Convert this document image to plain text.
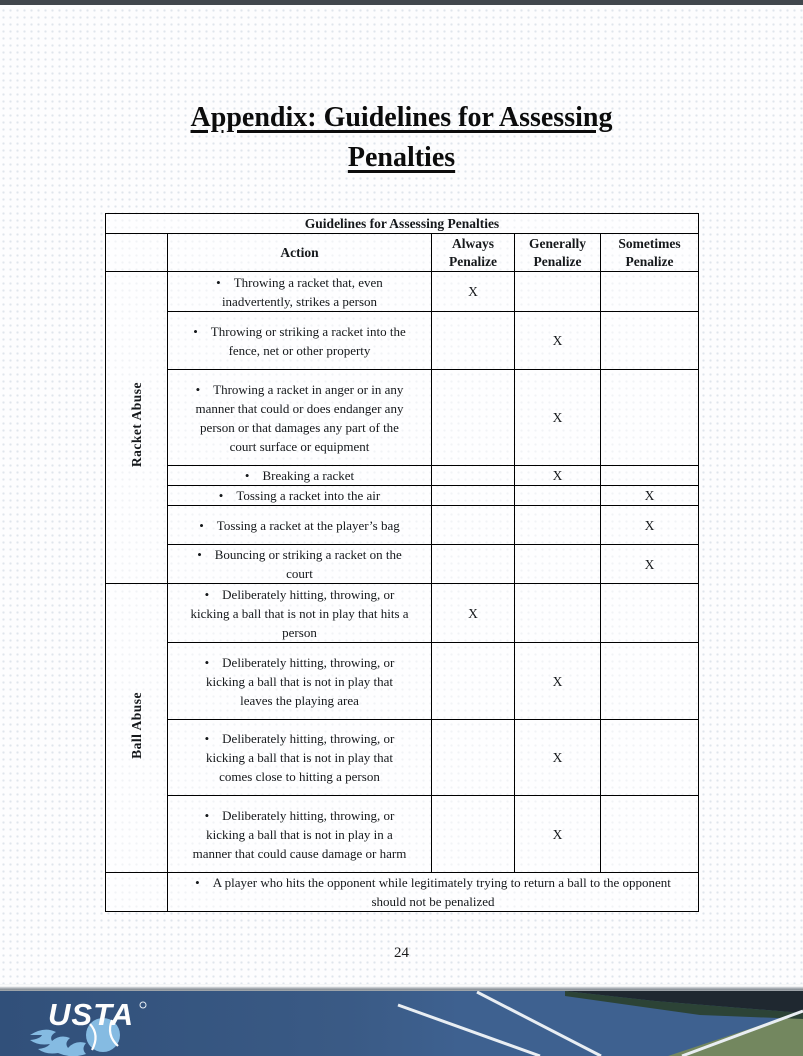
Appendix: Guidelines for Assessing
Penalties
Guidelines for Assessing Penalties				
	Action	Always Penalize	Generally Penalize	Sometimes Penalize
Racket Abuse	• Throwing a racket that, even inadvertently, strikes a person	X		
	• Throwing or striking a racket into the fence, net or other property		X	
	• Throwing a racket in anger or in any manner that could or does endanger any person or that damages any part of the court surface or equipment		X	
	• Breaking a racket		X	
	• Tossing a racket into the air			X
	• Tossing a racket at the player’s bag			X
	• Bouncing or striking a racket on the court			X
Ball Abuse	• Deliberately hitting, throwing, or kicking a ball that is not in play that hits a person	X		
	• Deliberately hitting, throwing, or kicking a ball that is not in play that leaves the playing area		X	
	• Deliberately hitting, throwing, or kicking a ball that is not in play that comes close to hitting a person		X	
	• Deliberately hitting, throwing, or kicking a ball that is not in play in a manner that could cause damage or harm		X	
	• A player who hits the opponent while legitimately trying to return a ball to the opponent should not be penalized			
24
USTA
